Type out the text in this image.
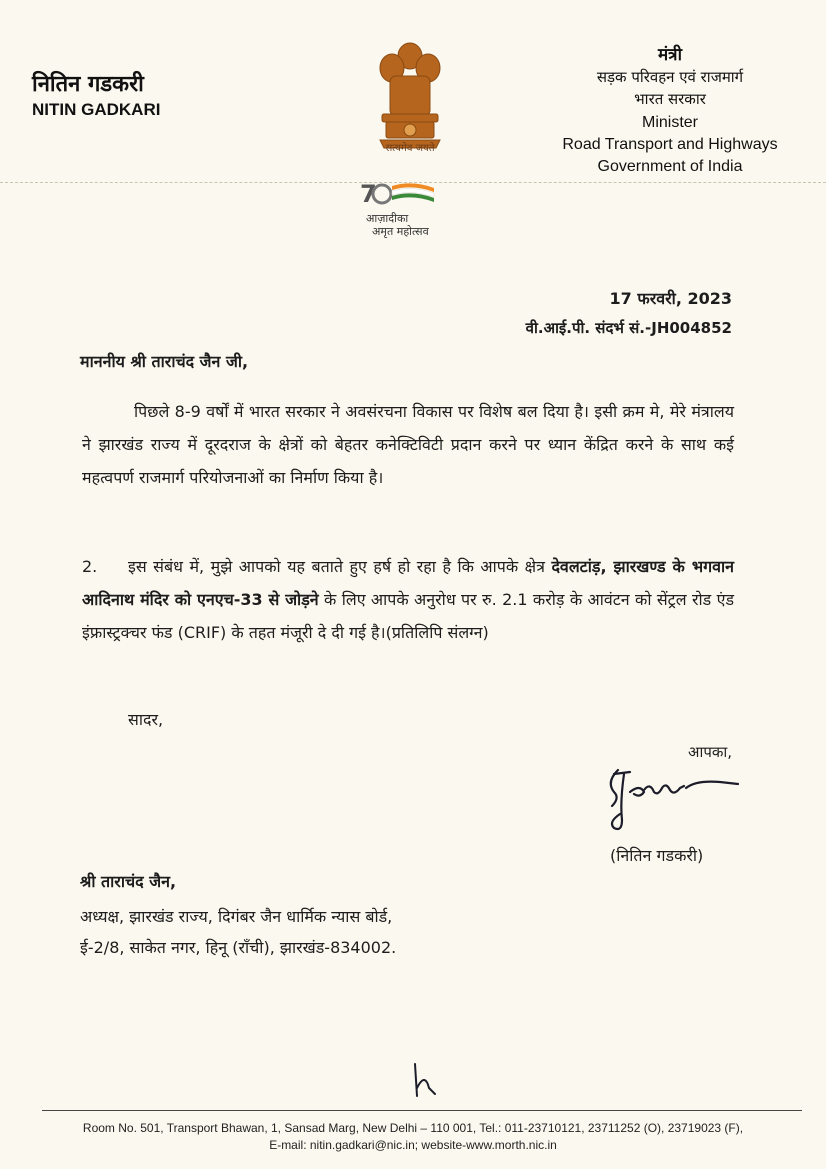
नितिन गडकरी
NITIN GADKARI
सत्यमेव जयते
7
आज़ादीका
अमृत महोत्सव
मंत्री
सड़क परिवहन एवं राजमार्ग
भारत सरकार
Minister
Road Transport and Highways
Government of India
17 फरवरी, 2023
वी.आई.पी. संदर्भ सं.-JH004852
माननीय श्री ताराचंद जैन जी,
पिछले 8-9 वर्षों में भारत सरकार ने अवसंरचना विकास पर विशेष बल दिया है। इसी क्रम मे, मेरे मंत्रालय ने झारखंड राज्य में दूरदराज के क्षेत्रों को बेहतर कनेक्टिविटी प्रदान करने पर ध्यान केंद्रित करने के साथ कई महत्वपर्ण राजमार्ग परियोजनाओं का निर्माण किया है।
2. इस संबंध में, मुझे आपको यह बताते हुए हर्ष हो रहा है कि आपके क्षेत्र देवलटांड़, झारखण्ड के भगवान आदिनाथ मंदिर को एनएच-33 से जोड़ने के लिए आपके अनुरोध पर रु. 2.1 करोड़ के आवंटन को सेंट्रल रोड एंड इंफ्रास्ट्रक्चर फंड (CRIF) के तहत मंजूरी दे दी गई है।(प्रतिलिपि संलग्न)
सादर,
आपका,
(नितिन गडकरी)
श्री ताराचंद जैन,
अध्यक्ष, झारखंड राज्य, दिगंबर जैन धार्मिक न्यास बोर्ड,
ई-2/8, साकेत नगर, हिनू (राँची), झारखंड-834002.
Room No. 501, Transport Bhawan, 1, Sansad Marg, New Delhi – 110 001, Tel.: 011-23710121, 23711252 (O), 23719023 (F),
E-mail: nitin.gadkari@nic.in; website-www.morth.nic.in
